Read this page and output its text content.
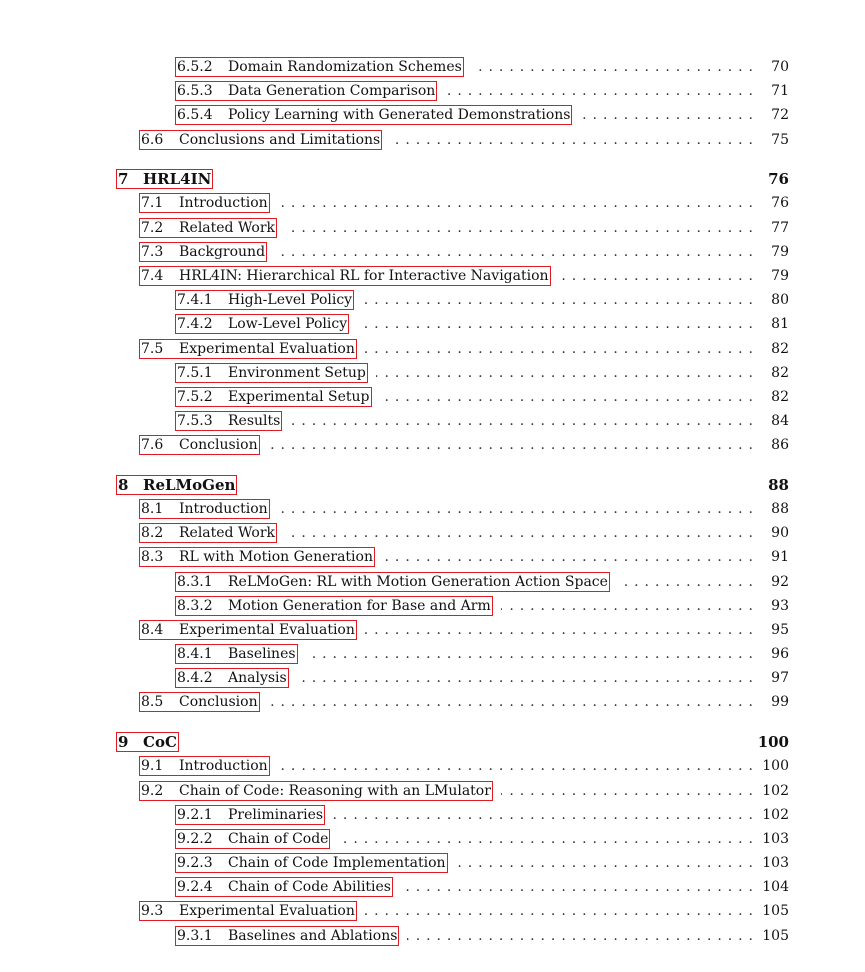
6.5.2 Domain Randomization Schemes	70
. . .
6.5.3 Data Generation Comparison	71
. . .
6.5.4 Policy Learning with Generated Demonstrations	72
. . .
6.6 Conclusions and Limitations	75
. . .
7 HRL4IN	76
7.1 Introduction	76
. . .
7.2 Related Work	77
. . .
7.3 Background	79
. . .
7.4 HRL4IN: Hierarchical RL for Interactive Navigation	79
. . .
7.4.1 High-Level Policy	80
. . .
7.4.2 Low-Level Policy	81
. . .
7.5 Experimental Evaluation	82
. . .
7.5.1 Environment Setup	82
. . .
7.5.2 Experimental Setup	82
. . .
7.5.3 Results	84
. . .
7.6 Conclusion	86
. . .
8 ReLMoGen	88
8.1 Introduction	88
. . .
8.2 Related Work	90
. . .
8.3 RL with Motion Generation	91
. . .
8.3.1 ReLMoGen: RL with Motion Generation Action Space	92
. . .
8.3.2 Motion Generation for Base and Arm	93
. . .
8.4 Experimental Evaluation	95
. . .
8.4.1 Baselines	96
. . .
8.4.2 Analysis	97
. . .
8.5 Conclusion	99
. . .
9 CoC	100
9.1 Introduction	100
. . .
9.2 Chain of Code: Reasoning with an LMulator	102
. . .
9.2.1 Preliminaries	102
. . .
9.2.2 Chain of Code	103
. . .
9.2.3 Chain of Code Implementation	103
. . .
9.2.4 Chain of Code Abilities	104
. . .
9.3 Experimental Evaluation	105
. . .
9.3.1 Baselines and Ablations	105
. . .
